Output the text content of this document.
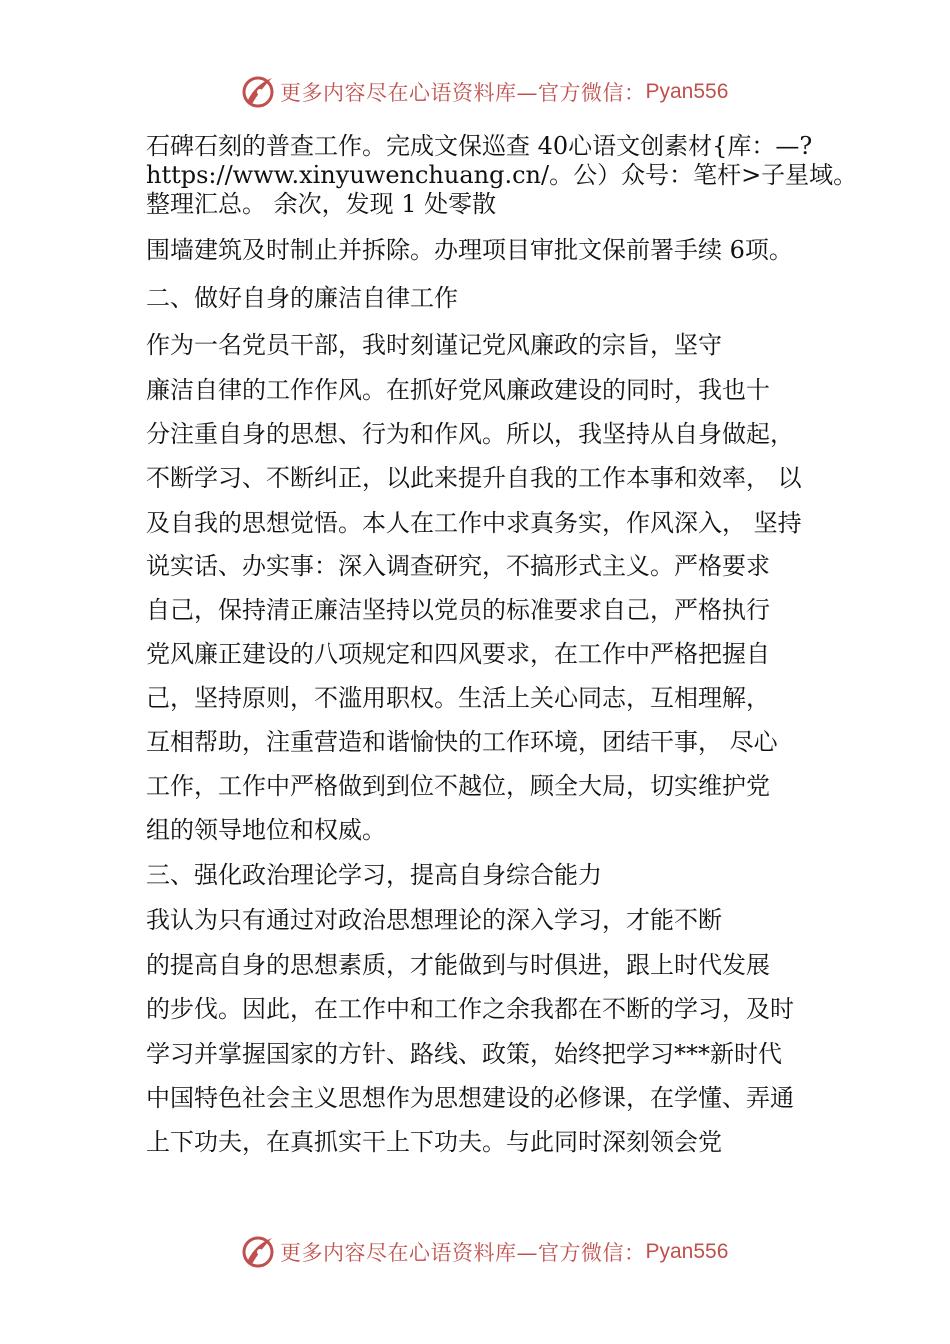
更多内容尽在心语资料库—官方微信： Pyan556
石碑石刻的普查工作。完成文保巡查 40心语文创素材{库：—?
https://www.xinyuwenchuang.cn/。公）众号：笔杆>子星域。
整理汇总。 余次，发现 1 处零散
围墙建筑及时制止并拆除。办理项目审批文保前署手续 6项。
二、做好自身的廉洁自律工作
作为一名党员干部，我时刻谨记党风廉政的宗旨，坚守
廉洁自律的工作作风。在抓好党风廉政建设的同时，我也十
分注重自身的思想、行为和作风。所以，我坚持从自身做起，
不断学习、不断纠正，以此来提升自我的工作本事和效率， 以
及自我的思想觉悟。本人在工作中求真务实，作风深入， 坚持
说实话、办实事：深入调查研究，不搞形式主义。严格要求
自己，保持清正廉洁坚持以党员的标准要求自己，严格执行
党风廉正建设的八项规定和四风要求，在工作中严格把握自
己，坚持原则，不滥用职权。生活上关心同志，互相理解，
互相帮助，注重营造和谐愉快的工作环境，团结干事， 尽心
工作，工作中严格做到到位不越位，顾全大局，切实维护党
组的领导地位和权威。
三、强化政治理论学习，提高自身综合能力
我认为只有通过对政治思想理论的深入学习，才能不断
的提高自身的思想素质，才能做到与时俱进，跟上时代发展
的步伐。因此，在工作中和工作之余我都在不断的学习，及时
学习并掌握国家的方针、路线、政策，始终把学习***新时代
中国特色社会主义思想作为思想建设的必修课，在学懂、弄通
上下功夫，在真抓实干上下功夫。与此同时深刻领会党
更多内容尽在心语资料库—官方微信： Pyan556
